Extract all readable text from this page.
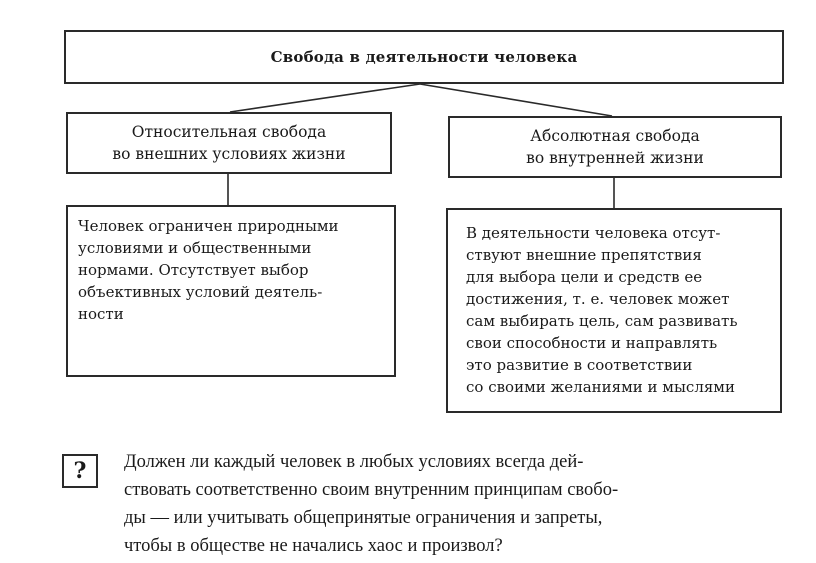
Свобода в деятельности человека
Относительная свобода
во внешних условиях жизни
Абсолютная свобода
во внутренней жизни
Человек ограничен природными
условиями и общественными
нормами. Отсутствует выбор
объективных условий деятель-
ности
В деятельности человека отсут-
ствуют внешние препятствия
для выбора цели и средств ее
достижения, т. е. человек может
сам выбирать цель, сам развивать
свои способности и направлять
это развитие в соответствии
со своими желаниями и мыслями
?	Должен ли каждый человек в любых условиях всегда дей-
ствовать соответственно своим внутренним принципам свобо-
ды — или учитывать общепринятые ограничения и запреты,
чтобы в обществе не начались хаос и произвол?
